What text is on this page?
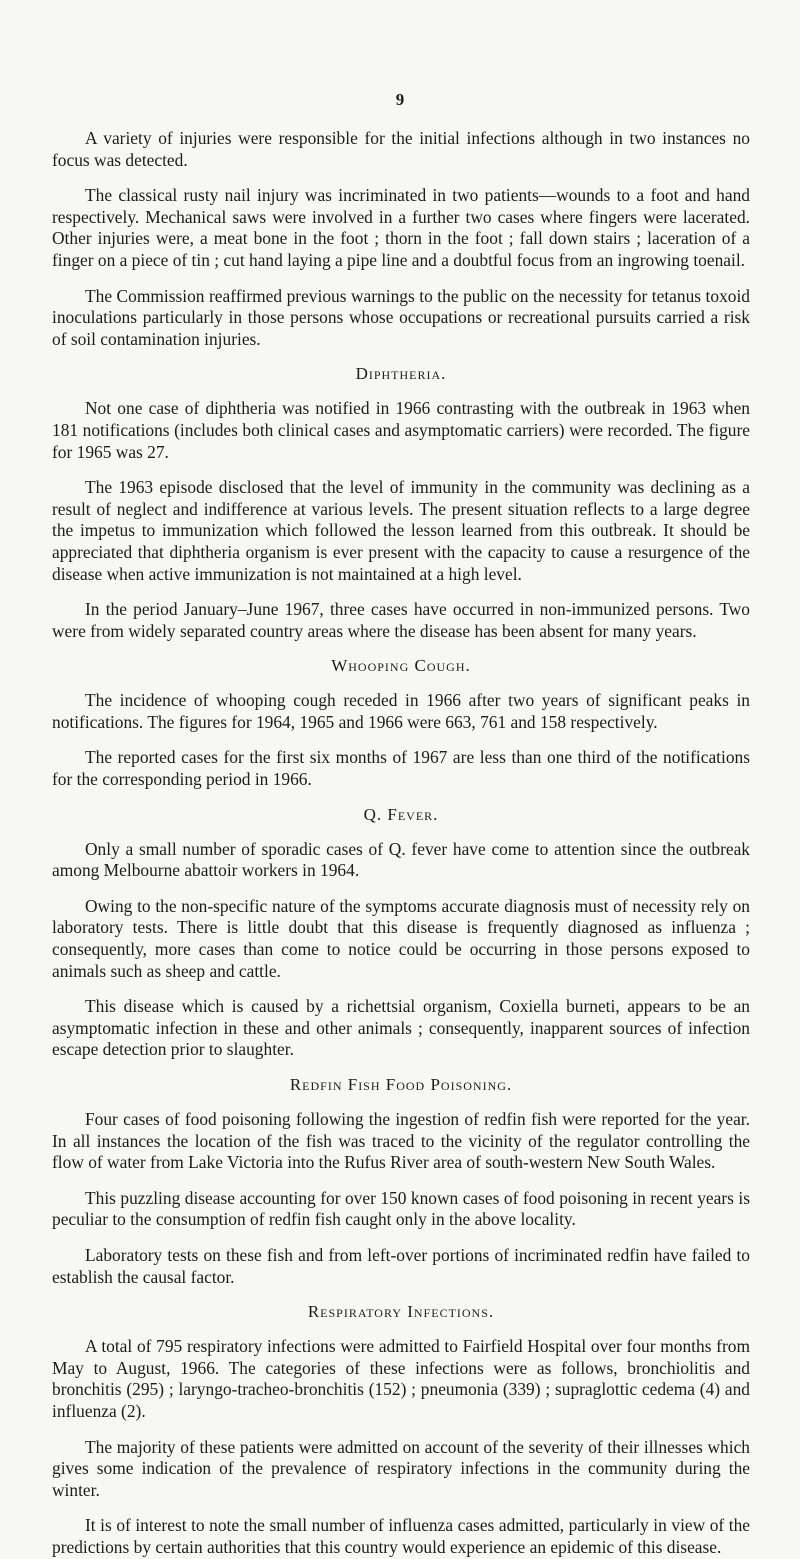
9

A variety of injuries were responsible for the initial infections although in two instances no focus was detected.

The classical rusty nail injury was incriminated in two patients—wounds to a foot and hand respectively. Mechanical saws were involved in a further two cases where fingers were lacerated. Other injuries were, a meat bone in the foot ; thorn in the foot ; fall down stairs ; laceration of a finger on a piece of tin ; cut hand laying a pipe line and a doubtful focus from an ingrowing toenail.

The Commission reaffirmed previous warnings to the public on the necessity for tetanus toxoid inoculations particularly in those persons whose occupations or recreational pursuits carried a risk of soil contamination injuries.

Diphtheria.

Not one case of diphtheria was notified in 1966 contrasting with the outbreak in 1963 when 181 notifications (includes both clinical cases and asymptomatic carriers) were recorded. The figure for 1965 was 27.

The 1963 episode disclosed that the level of immunity in the community was declining as a result of neglect and indifference at various levels. The present situation reflects to a large degree the impetus to immunization which followed the lesson learned from this outbreak. It should be appreciated that diphtheria organism is ever present with the capacity to cause a resurgence of the disease when active immunization is not maintained at a high level.

In the period January–June 1967, three cases have occurred in non-immunized persons. Two were from widely separated country areas where the disease has been absent for many years.

Whooping Cough.

The incidence of whooping cough receded in 1966 after two years of significant peaks in notifications. The figures for 1964, 1965 and 1966 were 663, 761 and 158 respectively.

The reported cases for the first six months of 1967 are less than one third of the notifications for the corresponding period in 1966.

Q. Fever.

Only a small number of sporadic cases of Q. fever have come to attention since the outbreak among Melbourne abattoir workers in 1964.

Owing to the non-specific nature of the symptoms accurate diagnosis must of necessity rely on laboratory tests. There is little doubt that this disease is frequently diagnosed as influenza ; consequently, more cases than come to notice could be occurring in those persons exposed to animals such as sheep and cattle.

This disease which is caused by a richettsial organism, Coxiella burneti, appears to be an asymptomatic infection in these and other animals ; consequently, inapparent sources of infection escape detection prior to slaughter.

Redfin Fish Food Poisoning.

Four cases of food poisoning following the ingestion of redfin fish were reported for the year. In all instances the location of the fish was traced to the vicinity of the regulator controlling the flow of water from Lake Victoria into the Rufus River area of south-western New South Wales.

This puzzling disease accounting for over 150 known cases of food poisoning in recent years is peculiar to the consumption of redfin fish caught only in the above locality.

Laboratory tests on these fish and from left-over portions of incriminated redfin have failed to establish the causal factor.

Respiratory Infections.

A total of 795 respiratory infections were admitted to Fairfield Hospital over four months from May to August, 1966. The categories of these infections were as follows, bronchiolitis and bronchitis (295) ; laryngo-tracheo-bronchitis (152) ; pneumonia (339) ; supraglottic cedema (4) and influenza (2).

The majority of these patients were admitted on account of the severity of their illnesses which gives some indication of the prevalence of respiratory infections in the community during the winter.

It is of interest to note the small number of influenza cases admitted, particularly in view of the predictions by certain authorities that this country would experience an epidemic of this disease.
